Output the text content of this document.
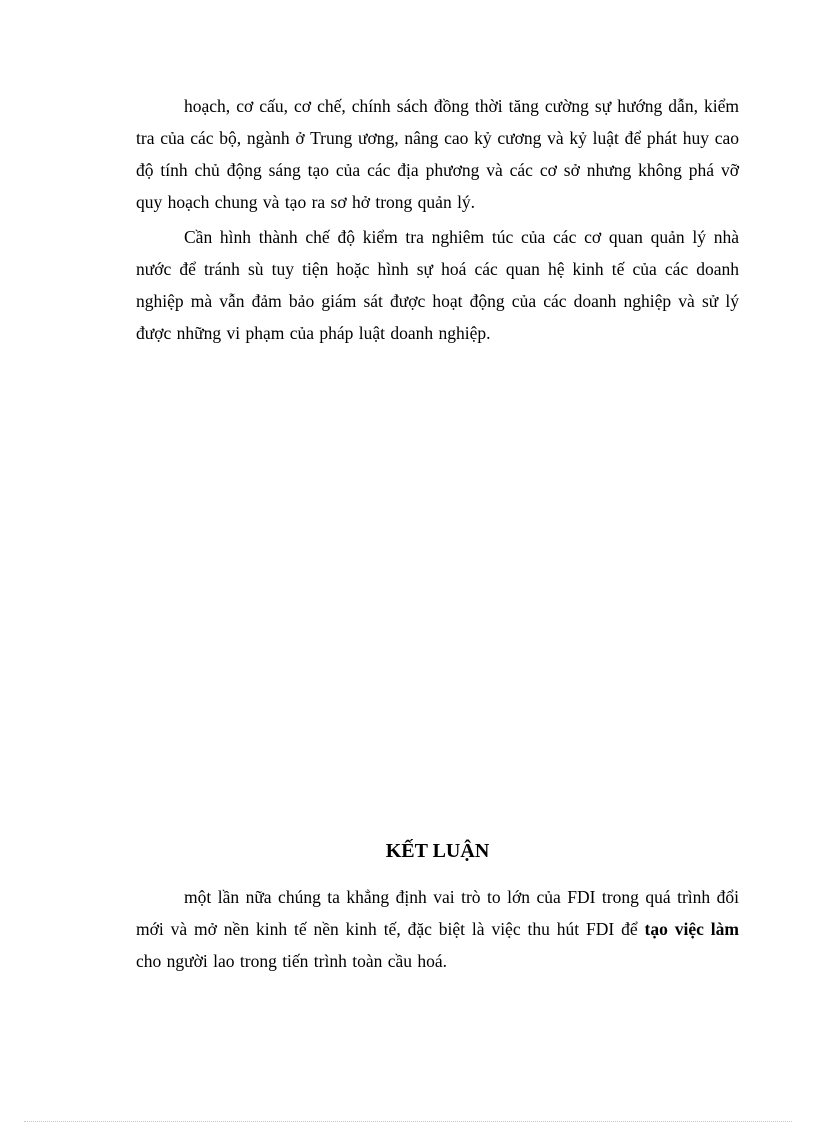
hoạch, cơ cấu, cơ chế, chính sách đồng thời tăng cường sự hướng dẫn, kiểm tra của các bộ, ngành ở Trung ương, nâng cao kỷ cương và kỷ luật để phát huy cao độ tính chủ động sáng tạo của các địa phương và các cơ sở nhưng không phá vỡ quy hoạch chung và tạo ra sơ hở trong quản lý.

Cần hình thành chế độ kiểm tra nghiêm túc của các cơ quan quản lý nhà nước để tránh sù tuy tiện hoặc hình sự hoá các quan hệ kinh tế của các doanh nghiệp mà vẫn đảm bảo giám sát được hoạt động của các doanh nghiệp và sử lý được những vi phạm của pháp luật doanh nghiệp.

KẾT LUẬN

một lần nữa chúng ta khẳng định vai trò to lớn của FDI trong quá trình đổi mới và mở nền kinh tế nền kinh tế, đặc biệt là việc thu hút FDI để tạo việc làm cho người lao trong tiến trình toàn cầu hoá.
